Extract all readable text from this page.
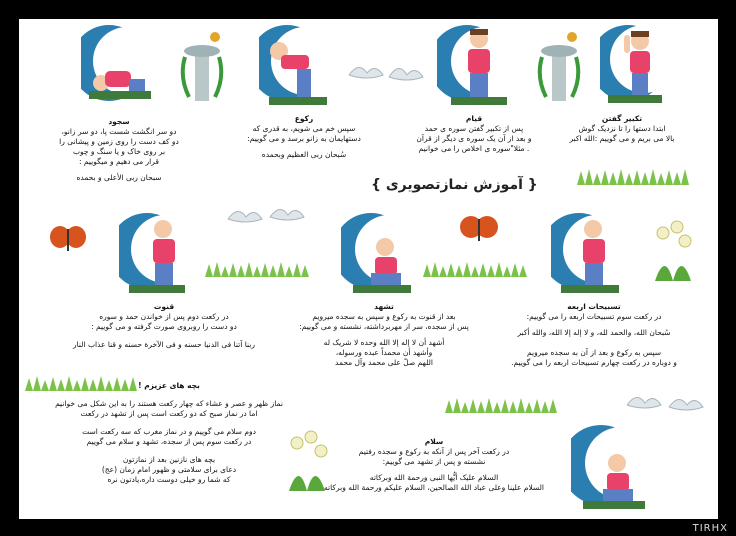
تکبیر گفتن
ابتدا دستها را تا نزدیک گوش
بالا می بریم و می گوییم :الله اکبر
قیام
پس از تکبیر گفتن سوره ی حمد
و بعد از آن یک سوره ی دیگر از قرآن
. مثلا"سوره ی اخلاص را می خوانیم
رکوع
سپس خم می شویم، به قدری که
دستهایمان به زانو برسد و می گوییم:
سُبحان ربی العظیم وبحمده
سجود
دو سر انگشت شست پا، دو سر زانو،
دو کف دست را روی زمین و پیشانی را
بر روی خاک و یا سنگ و چوب
قرار می دهیم و میگوییم :
سبحان ربی الأعلی و بحمده	{ آموزش نمازتصویری }
تسبیحات اربعه
در رکعت سوم تسبیحات اربعه را می گوییم:
سُبحان الله، والحمد لله، و لا إله إلا الله، والله أکبر
سپس به رکوع و بعد از آن به سجده میرویم
و دوباره در رکعت چهارم تسبیحات اربعه را می گوییم.
تشهد
بعد از قنوت به رکوع و سپس به سجده میرویم
پس از سجده، سر از مهربرداشته، نشسته و می گوییم:
أشهد أن لا إله إلا الله وحده لا شریک له
وأشهد أن محمداً عبده ورسوله،
اللهم صلّ علی محمد وآل محمد
قنوت
در رکعت دوم پس از خواندن حمد و سوره
دو دست را روبروی صورت گرفته و می گوییم :
ربنا آتنا فی الدنیا حسنه و فی الآخرة حسنه و قنا عذاب النار
بچه های عزیزم !
نماز ظهر و عصر و عشاء که چهار رکعت هستند را به این شکل می خوانیم
اما در نماز صبح که دو رکعت است پس از تشهد در رکعت
دوم سلام می گوییم و در نماز مغرب که سه رکعت است
در رکعت سوم پس از سجده، تشهد و سلام می گوییم
بچه های نازنین بعد از نمازتون
دعای برای سلامتی و ظهور امام زمان (عج)
که شما رو خیلی دوست داره،یادتون نره
سلام
در رکعت آخر پس از آنکه به رکوع و سجده رفتیم
نشسته و پس از تشهد می گوییم:
السلام علیک أیُّها النبی ورحمة الله وبرکاته
السلام علینا وعلی عباد الله الصالحین، السلام علیکم ورحمة الله وبرکاته
TIRHX
